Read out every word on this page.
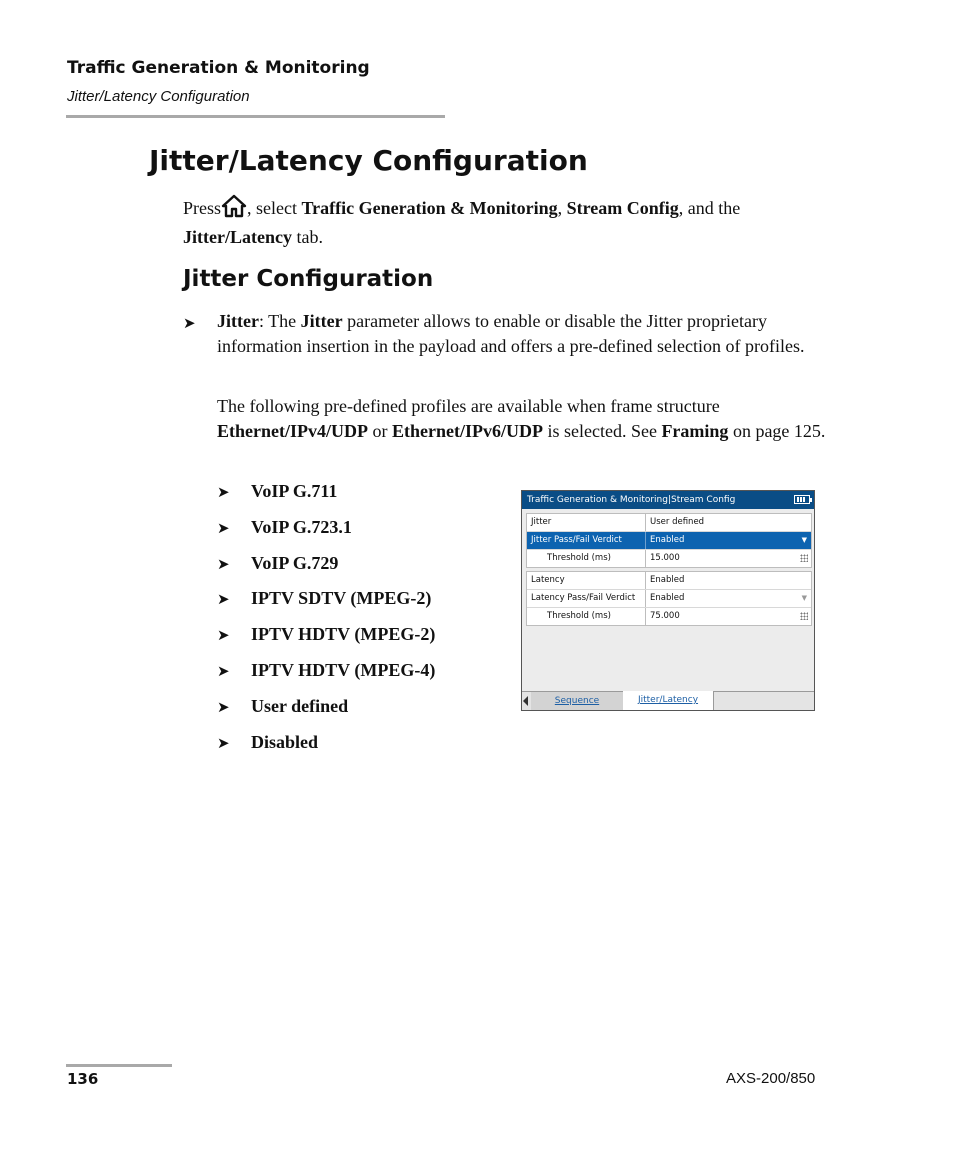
Traffic Generation & Monitoring
Jitter/Latency Configuration
Jitter/Latency Configuration
Press , select Traffic Generation & Monitoring, Stream Config, and the
Jitter/Latency tab.
Jitter Configuration
➤ Jitter: The Jitter parameter allows to enable or disable the Jitter proprietary information insertion in the payload and offers a pre-defined selection of profiles.
The following pre-defined profiles are available when frame structure Ethernet/IPv4/UDP or Ethernet/IPv6/UDP is selected. See Framing on page 125.
➤ VoIP G.711
➤ VoIP G.723.1
➤ VoIP G.729
➤ IPTV SDTV (MPEG-2)
➤ IPTV HDTV (MPEG-2)
➤ IPTV HDTV (MPEG-4)
➤ User defined
➤ Disabled
Traffic Generation & Monitoring|Stream Config
Jitter	User defined
Jitter Pass/Fail Verdict	Enabled	▼
Threshold (ms)	15.000
Latency	Enabled
Latency Pass/Fail Verdict	Enabled	▼
Threshold (ms)	75.000
Sequence	Jitter/Latency
136	AXS-200/850
